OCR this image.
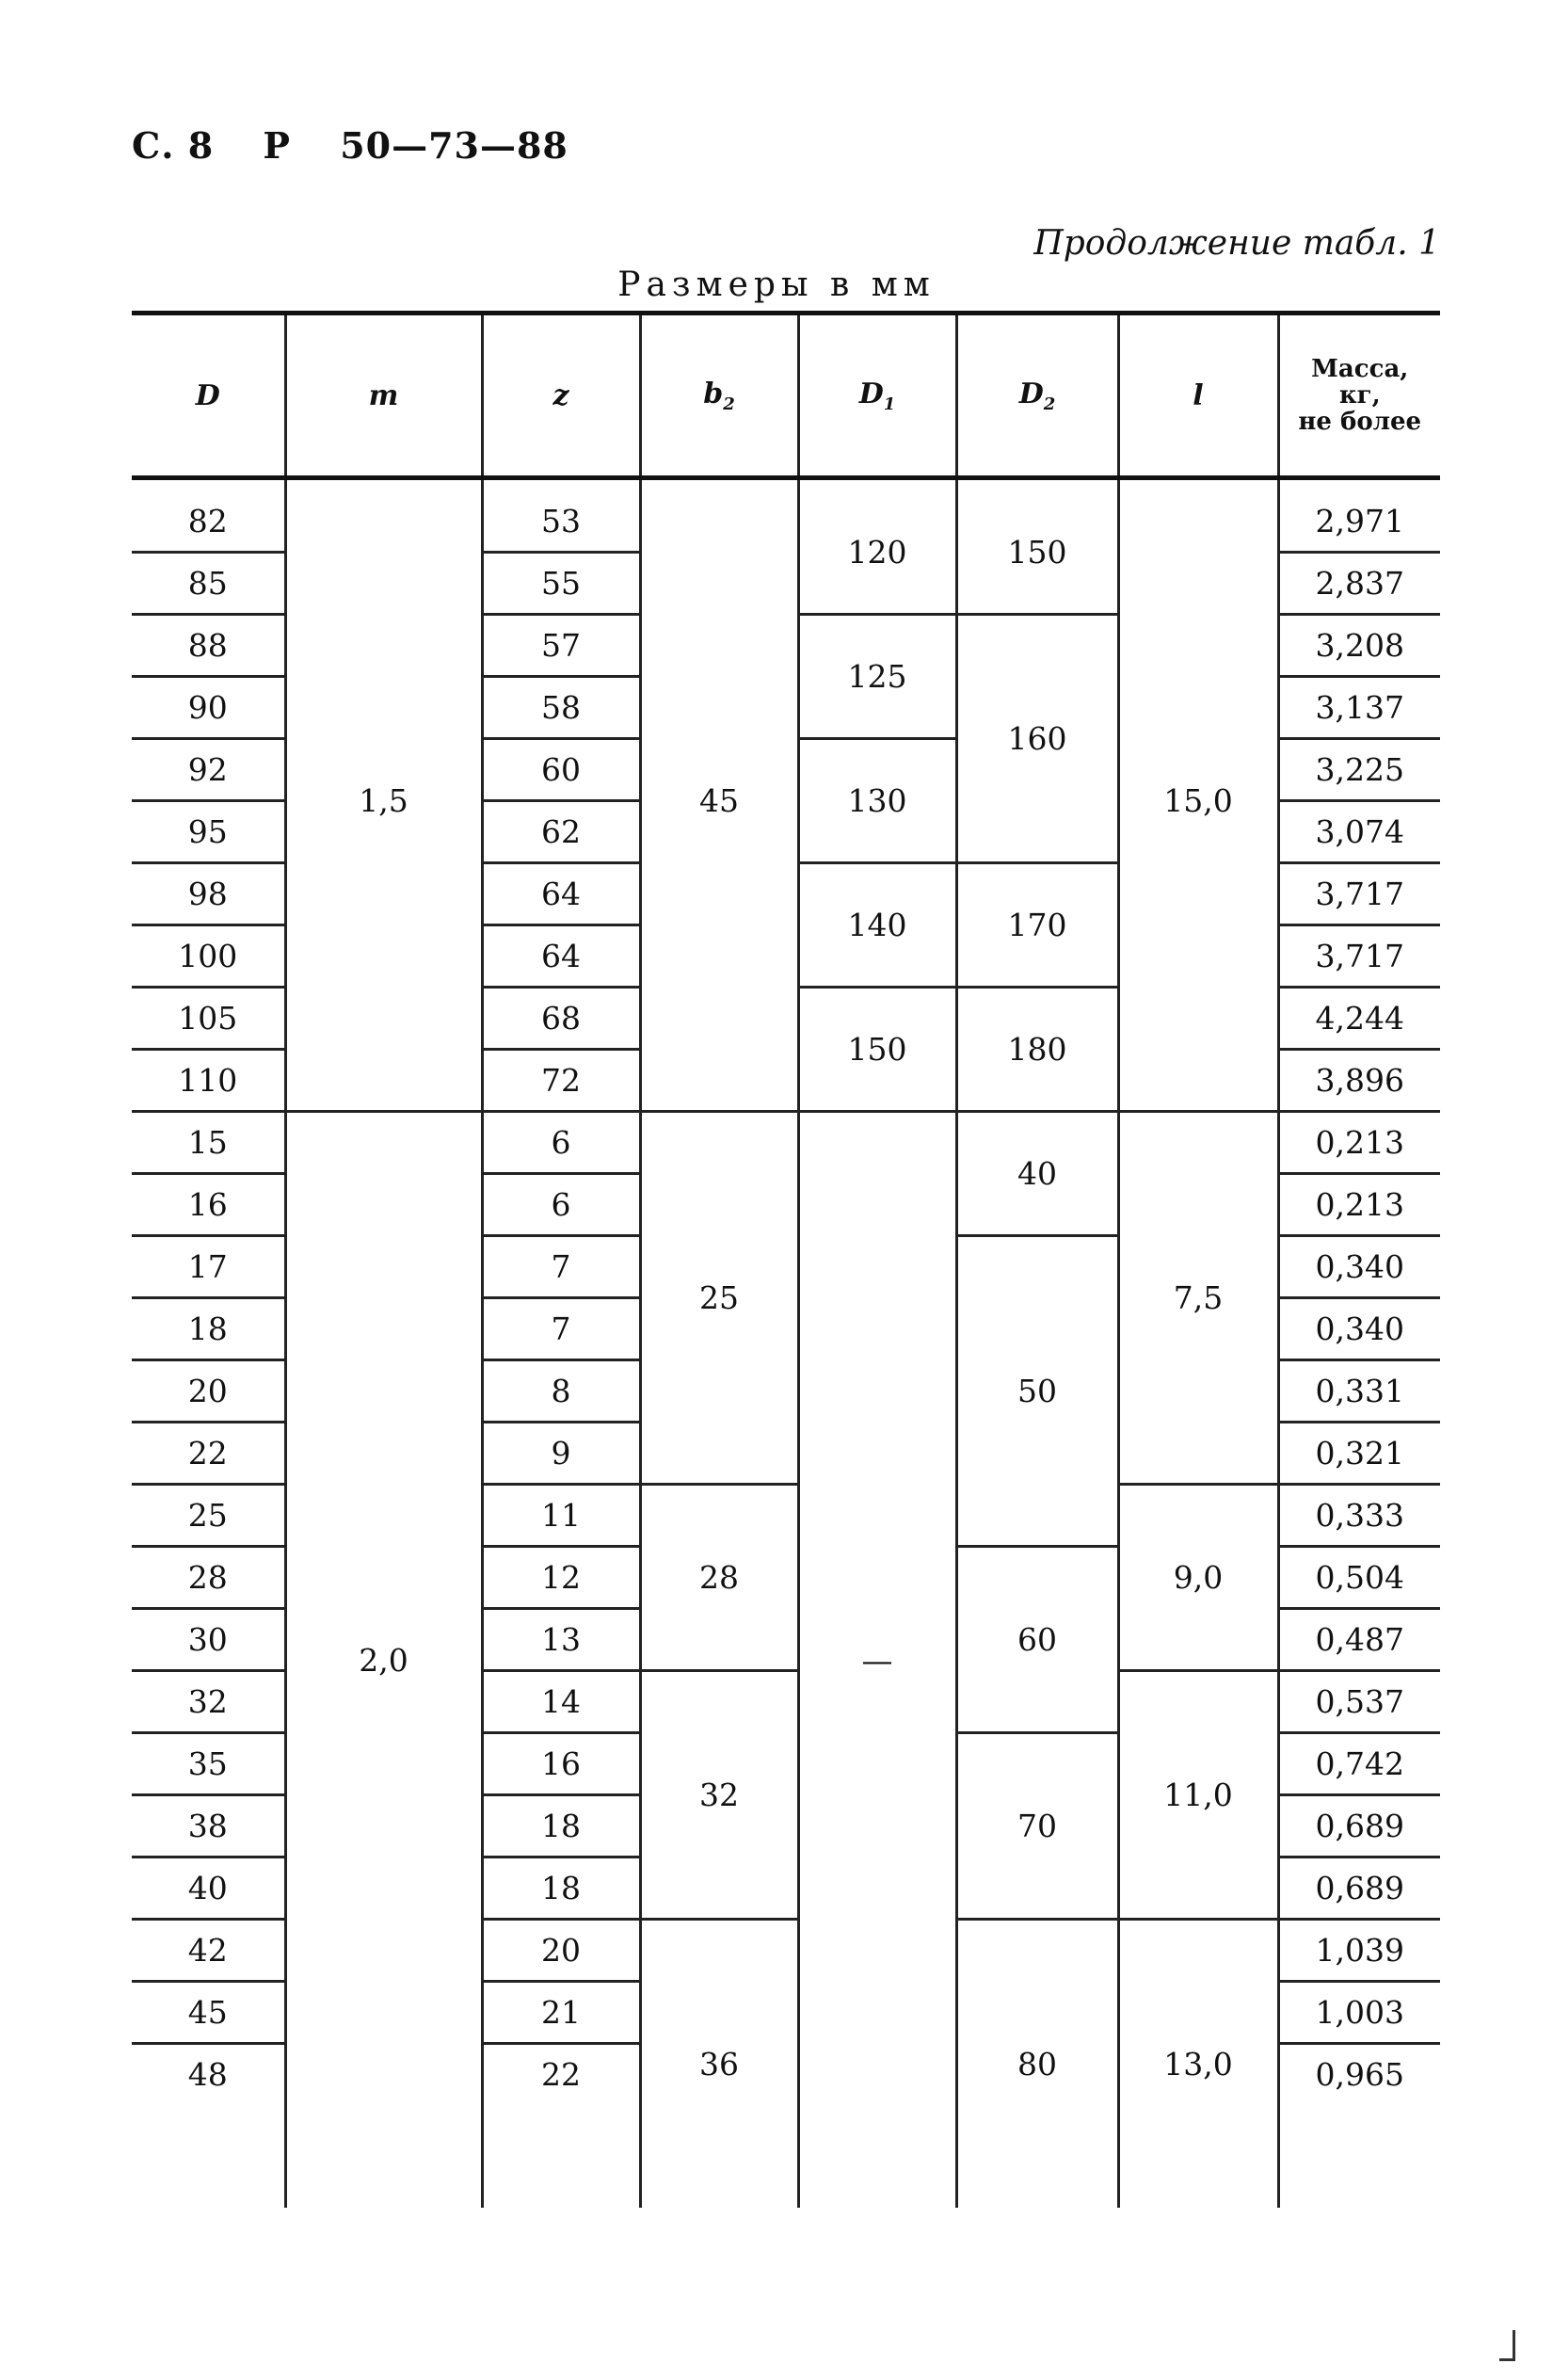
С. 8 Р 50—73—88
Продолжение табл. 1
Размеры в мм
D	m	z	$b_2$	$D_1$	$D_2$	l	Масса,
кг,
не более

82	1,5	53	45	120	150	15,0	2,971
85		55					2,837
88		57		125	160		3,208
90		58					3,137
92		60		130			3,225
95		62					3,074
98		64		140	170		3,717
100		64					3,717
105		68		150	180		4,244
110		72					3,896
15	2,0	6	25	—	40	7,5	0,213
16		6					0,213
17		7			50		0,340
18		7					0,340
20		8					0,331
22		9					0,321
25		11	28			9,0	0,333
28		12			60		0,504
30		13					0,487
32		14	32			11,0	0,537
35		16			70		0,742
38		18					0,689
40		18					0,689
42		20	36		80	13,0	1,039
45		21					1,003
48		22					0,965
